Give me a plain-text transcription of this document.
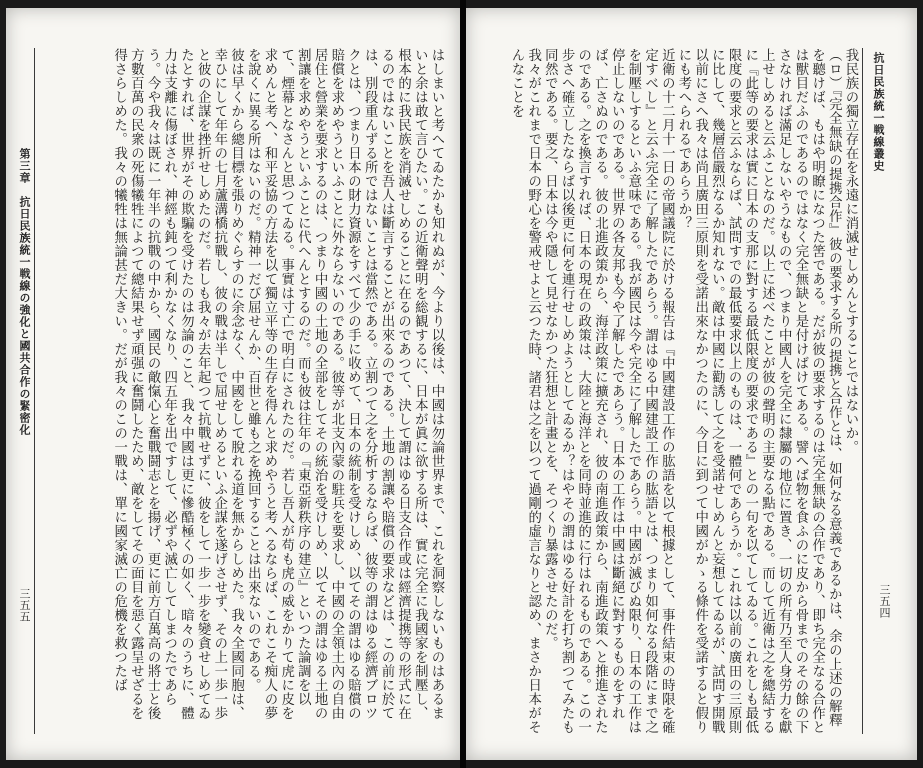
はしまいと考へてゐたかも知れぬが、今より以後は、中國は勿論世界まで、これを洞察しないものはあるまいと余は敢て言ひたい。この近衛聲明を総観するに、日本が眞に欲する所は、實に完全に我國家を制壓し、根本的に我民族を消滅せしめることに在るのであつて、決して謂はゆる日支合作或は經濟提携等の形式に在るのではないことを吾人は斷言することが出來るのである。土地の割讓や賠償の要求などは、この前に於ては、別段重んずる所ではないことは當然である。立割つて之を分析するならば、彼等の謂はゆる經濟ブロツクとは、つまり日本の財力資源をすべて少の手に收めて、日本の統制を受けしめ、以てその謂はゆる賠償の賠償を求めやうといふことに外ならないのである。彼等が北支內蒙の駐兵を要求し、中國の全領土內の自由居住と營業を要求するのは、つまり中國の土地の全部をしてその統治を受けしめ、以てその謂はゆる土地の割讓を求めやうといふことに代へんとするのだ。而も彼は往年の『東亞新秩序の建立』といつた論調を以て、煙幕となさんと思つてゐる。事實は寸亡で明白にされたのだ。若し吾人が苟も虎の威をかりて虎に皮を求めんと考へ、和平妥協の方法を以て獨立平等の生存を得んと求めやうと考へるならば、これこそ痴人の夢を說くに異る所はないのだ。精神一だび屈せんか、百世と雖も之を挽回することは出來ないのである。
彼は早くから總目標を張りめぐらすのに余念なく、中國をして脫れる道を無からしめた。我々全國同胞は、幸ひにして年年の七月蘆溝橋抗戰し、彼の戰は半しで屈せしめるといふ企謀を遂げさせず、その上一歩一歩と彼の企謀を挫折せしめたのだ。若しも我々が去年起つて抗戰せずに、彼をして一步一步を變貪せしめてゐたとすれば、世界がその欺騙を受けたのは勿論のこと、我々中國は更に慘酷極くの如く、暗々のうちに、體力は支離に傷ぼされ、神經も鈍つて利かなくなり、四五年を出ですして、必ずや滅亡してしまつたであらう。今や我々は既に一年半の抗戰の中から、國民の敵愾心と奮戰鬪志とを揚げ、更に前方百萬高の將士と後方數百萬の民衆の死傷犧牲によつて總結果せず頑强に奮鬪したため、敵をしてその面目を惡く露呈せざるを得さらしめた。我々の犧牲は無論甚だ大きい。だが我々のこの一戰は、單に國家滅亡の危機を救つたば
第三章　抗日民族統一戦線の強化と國共合作の緊密化
三五五
抗日民族統一戦線叢史
我民族の獨立存在を永遠に消滅せしめんとすることではないか。
（ロ）『完全無缺の提携合作』彼の要求する所の提携と合作とは、如何なる意義であるかは、余の上述の解釋を聽けば、もはや明瞭になつた筈である。だが彼の要求するのは完全無缺の合作であり、即ち完全なる合作とは獸目だふのであるのではなく完全無缺と是付けばけてある。譬へば物を食ふのに皮から骨までのその餘の下さなければ滿足しないやうなもので、つまり中國人を完全に隸屬の地位に置き、一切の所有乃至人身労力を獻上せしめると云ふことなのだ。以上に述べたことが彼の聲明の主要なる點である。而して近衛は之を總結するに『此等の要求は實に日本の支那に對する最低限度の要求である』との一句を以てしてゐる。これをしも最低限度の要求と云ふならば、試問すでの最低要求以上のものは、一體何であらうか。これは以前の廣田の三原則に比して、幾層倍嚴烈なるか知れない。敵は中國に勸誘して之を受諾せしめんと妄想してゐるが、試問す開戰以前にさへ我々は尚且廣田三原則を受諾出來なかつたのに、今日に到つて中國がかゝる條件を受諾すると假りにも考へられるであらうか？
近衛の十二月十一日の帝國議院に於ける報告は『中國建設工作の肱語を以て根據として、事件結束の時限を確定すべし』と云ふ完全に了解したであらう。謂はゆる中國建設工作の肱語とは、つまり如何なる段階にまで之を制壓しするといふ意味である。我が國民は今や完全に了解したであらう。中國が滅びぬ限り、日本の工作は停止しないのである。世界の各友邦も今や了解したであらう。日本の工作は中國は斷絕に對するものをすれば、亡さぬのである。彼の北進政策から、海洋政策に擴充され、彼の南進政策から、南進政策へと推進されたのである。之を換言すれば、日本の現在の政策は、大陸と海洋とを同時並進的に行はれるものである。この一步さへ確立したならば以後更に何を連行せしめようとしてゐるか？はやその謂はゆる好計を打ち割つてみたも同然である。要之、日本は今や隱して見せなかつた狂想と計畫とを、そつくり暴露させたのだ。
我々がこれまで日本の野心を警戒せよと云つた時、諸君は之を以つて過剛的虛言なりと認め、まさか日本がそんなことを
三五四
